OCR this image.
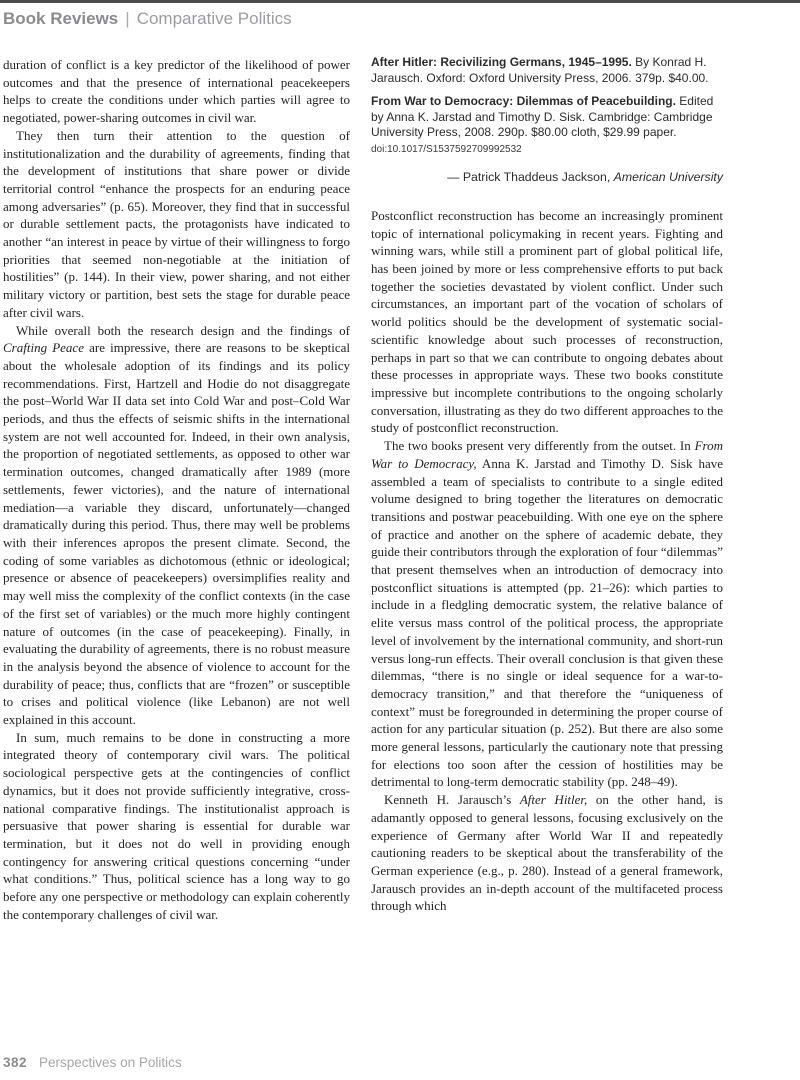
Book Reviews | Comparative Politics

duration of conflict is a key predictor of the likelihood of power outcomes and that the presence of international peacekeepers helps to create the conditions under which parties will agree to negotiated, power-sharing outcomes in civil war.

They then turn their attention to the question of institutionalization and the durability of agreements, finding that the development of institutions that share power or divide territorial control “enhance the prospects for an enduring peace among adversaries” (p. 65). Moreover, they find that in successful or durable settlement pacts, the protagonists have indicated to another “an interest in peace by virtue of their willingness to forgo priorities that seemed non-negotiable at the initiation of hostilities” (p. 144). In their view, power sharing, and not either military victory or partition, best sets the stage for durable peace after civil wars.

While overall both the research design and the findings of Crafting Peace are impressive, there are reasons to be skeptical about the wholesale adoption of its findings and its policy recommendations. First, Hartzell and Hodie do not disaggregate the post–World War II data set into Cold War and post–Cold War periods, and thus the effects of seismic shifts in the international system are not well accounted for. Indeed, in their own analysis, the proportion of negotiated settlements, as opposed to other war termination outcomes, changed dramatically after 1989 (more settlements, fewer victories), and the nature of international mediation—a variable they discard, unfortunately—changed dramatically during this period. Thus, there may well be problems with their inferences apropos the present climate. Second, the coding of some variables as dichotomous (ethnic or ideological; presence or absence of peacekeepers) oversimplifies reality and may well miss the complexity of the conflict contexts (in the case of the first set of variables) or the much more highly contingent nature of outcomes (in the case of peacekeeping). Finally, in evaluating the durability of agreements, there is no robust measure in the analysis beyond the absence of violence to account for the durability of peace; thus, conflicts that are “frozen” or susceptible to crises and political violence (like Lebanon) are not well explained in this account.

In sum, much remains to be done in constructing a more integrated theory of contemporary civil wars. The political sociological perspective gets at the contingencies of conflict dynamics, but it does not provide sufficiently integrative, cross-national comparative findings. The institutionalist approach is persuasive that power sharing is essential for durable war termination, but it does not do well in providing enough contingency for answering critical questions concerning “under what conditions.” Thus, political science has a long way to go before any one perspective or methodology can explain coherently the contemporary challenges of civil war.

After Hitler: Recivilizing Germans, 1945–1995. By Konrad H. Jarausch. Oxford: Oxford University Press, 2006. 379p. $40.00.

From War to Democracy: Dilemmas of Peacebuilding. Edited by Anna K. Jarstad and Timothy D. Sisk. Cambridge: Cambridge University Press, 2008. 290p. $80.00 cloth, $29.99 paper.

doi:10.1017/S1537592709992532

— Patrick Thaddeus Jackson, American University

Postconflict reconstruction has become an increasingly prominent topic of international policymaking in recent years. Fighting and winning wars, while still a prominent part of global political life, has been joined by more or less comprehensive efforts to put back together the societies devastated by violent conflict. Under such circumstances, an important part of the vocation of scholars of world politics should be the development of systematic social-scientific knowledge about such processes of reconstruction, perhaps in part so that we can contribute to ongoing debates about these processes in appropriate ways. These two books constitute impressive but incomplete contributions to the ongoing scholarly conversation, illustrating as they do two different approaches to the study of postconflict reconstruction.

The two books present very differently from the outset. In From War to Democracy, Anna K. Jarstad and Timothy D. Sisk have assembled a team of specialists to contribute to a single edited volume designed to bring together the literatures on democratic transitions and postwar peacebuilding. With one eye on the sphere of practice and another on the sphere of academic debate, they guide their contributors through the exploration of four “dilemmas” that present themselves when an introduction of democracy into postconflict situations is attempted (pp. 21–26): which parties to include in a fledgling democratic system, the relative balance of elite versus mass control of the political process, the appropriate level of involvement by the international community, and short-run versus long-run effects. Their overall conclusion is that given these dilemmas, “there is no single or ideal sequence for a war-to-democracy transition,” and that therefore the “uniqueness of context” must be foregrounded in determining the proper course of action for any particular situation (p. 252). But there are also some more general lessons, particularly the cautionary note that pressing for elections too soon after the cession of hostilities may be detrimental to long-term democratic stability (pp. 248–49).

Kenneth H. Jarausch’s After Hitler, on the other hand, is adamantly opposed to general lessons, focusing exclusively on the experience of Germany after World War II and repeatedly cautioning readers to be skeptical about the transferability of the German experience (e.g., p. 280). Instead of a general framework, Jarausch provides an in-depth account of the multifaceted process through which

382 Perspectives on Politics
